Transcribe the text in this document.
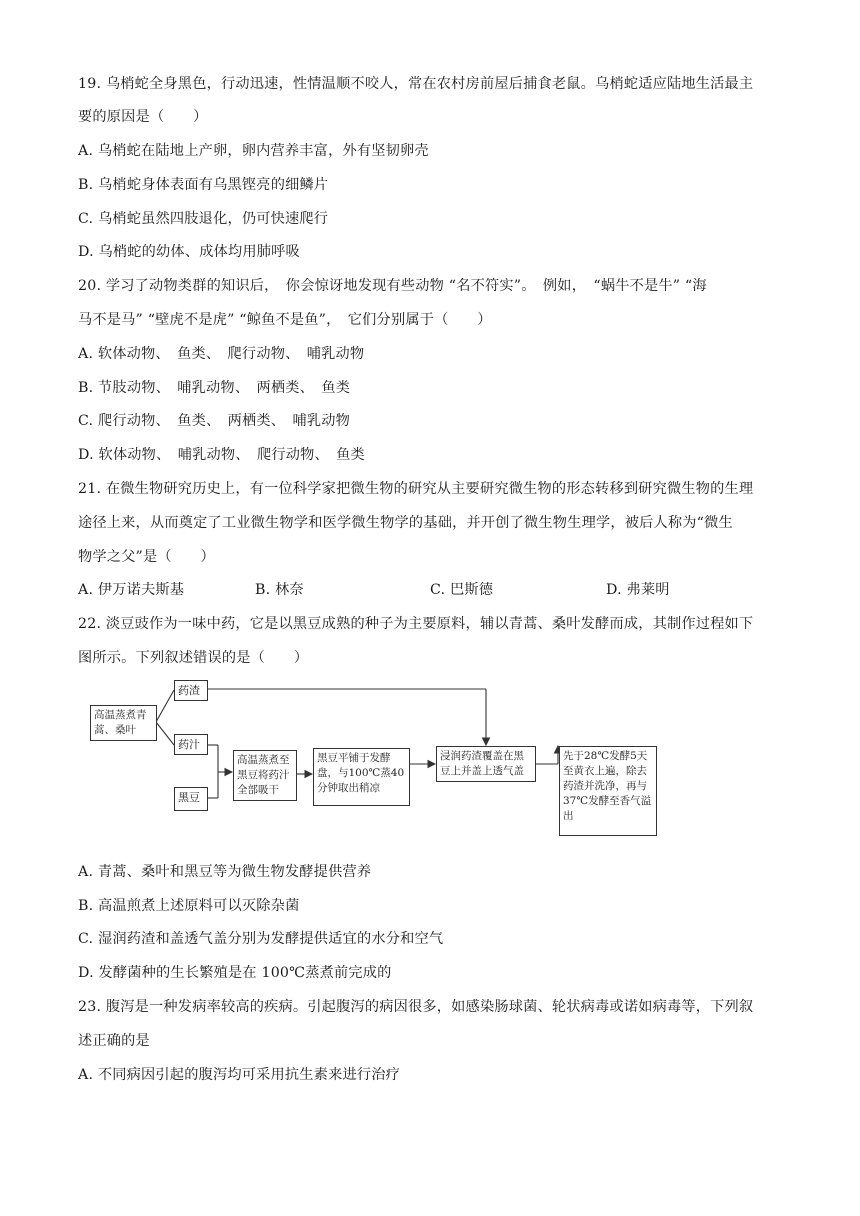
19. 乌梢蛇全身黑色，行动迅速，性情温顺不咬人，常在农村房前屋后捕食老鼠。乌梢蛇适应陆地生活最主
要的原因是（　　）
A. 乌梢蛇在陆地上产卵，卵内营养丰富，外有坚韧卵壳
B. 乌梢蛇身体表面有乌黑铿亮的细鳞片
C. 乌梢蛇虽然四肢退化，仍可快速爬行
D. 乌梢蛇的幼体、成体均用肺呼吸
20. 学习了动物类群的知识后，　你会惊讶地发现有些动物 “名不符实”。　例如，　“蜗牛不是牛” “海
马不是马” “壁虎不是虎” “鲸鱼不是鱼”，　它们分别属于（　　）
A. 软体动物、　鱼类、　爬行动物、　哺乳动物
B. 节肢动物、　哺乳动物、　两栖类、　鱼类
C. 爬行动物、　鱼类、　两栖类、　哺乳动物
D. 软体动物、　哺乳动物、　爬行动物、　鱼类
21. 在微生物研究历史上，有一位科学家把微生物的研究从主要研究微生物的形态转移到研究微生物的生理
途径上来，从而奠定了工业微生物学和医学微生物学的基础，并开创了微生物生理学，被后人称为“微生
物学之父”是（　　）
A. 伊万诺夫斯基	B. 林奈	C. 巴斯德	D. 弗莱明
22. 淡豆豉作为一味中药，它是以黑豆成熟的种子为主要原料，辅以青蒿、桑叶发酵而成，其制作过程如下
图所示。下列叙述错误的是（　　）
高温蒸煮青蒿、桑叶
药渣
药汁
黑豆
高温蒸煮至黑豆将药汁全部吸干
黑豆平铺于发酵盘，与100℃蒸40分钟取出稍凉
浸润药渣覆盖在黑豆上并盖上透气盖
先于28℃发酵5天至黄衣上遍，除去药渣并洗净，再与37℃发酵至香气溢出
A. 青蒿、桑叶和黑豆等为微生物发酵提供营养
B. 高温煎煮上述原料可以灭除杂菌
C. 湿润药渣和盖透气盖分别为发酵提供适宜的水分和空气
D. 发酵菌种的生长繁殖是在 100℃蒸煮前完成的
23. 腹泻是一种发病率较高的疾病。引起腹泻的病因很多，如感染肠球菌、轮状病毒或诺如病毒等，下列叙
述正确的是
A. 不同病因引起的腹泻均可采用抗生素来进行治疗
